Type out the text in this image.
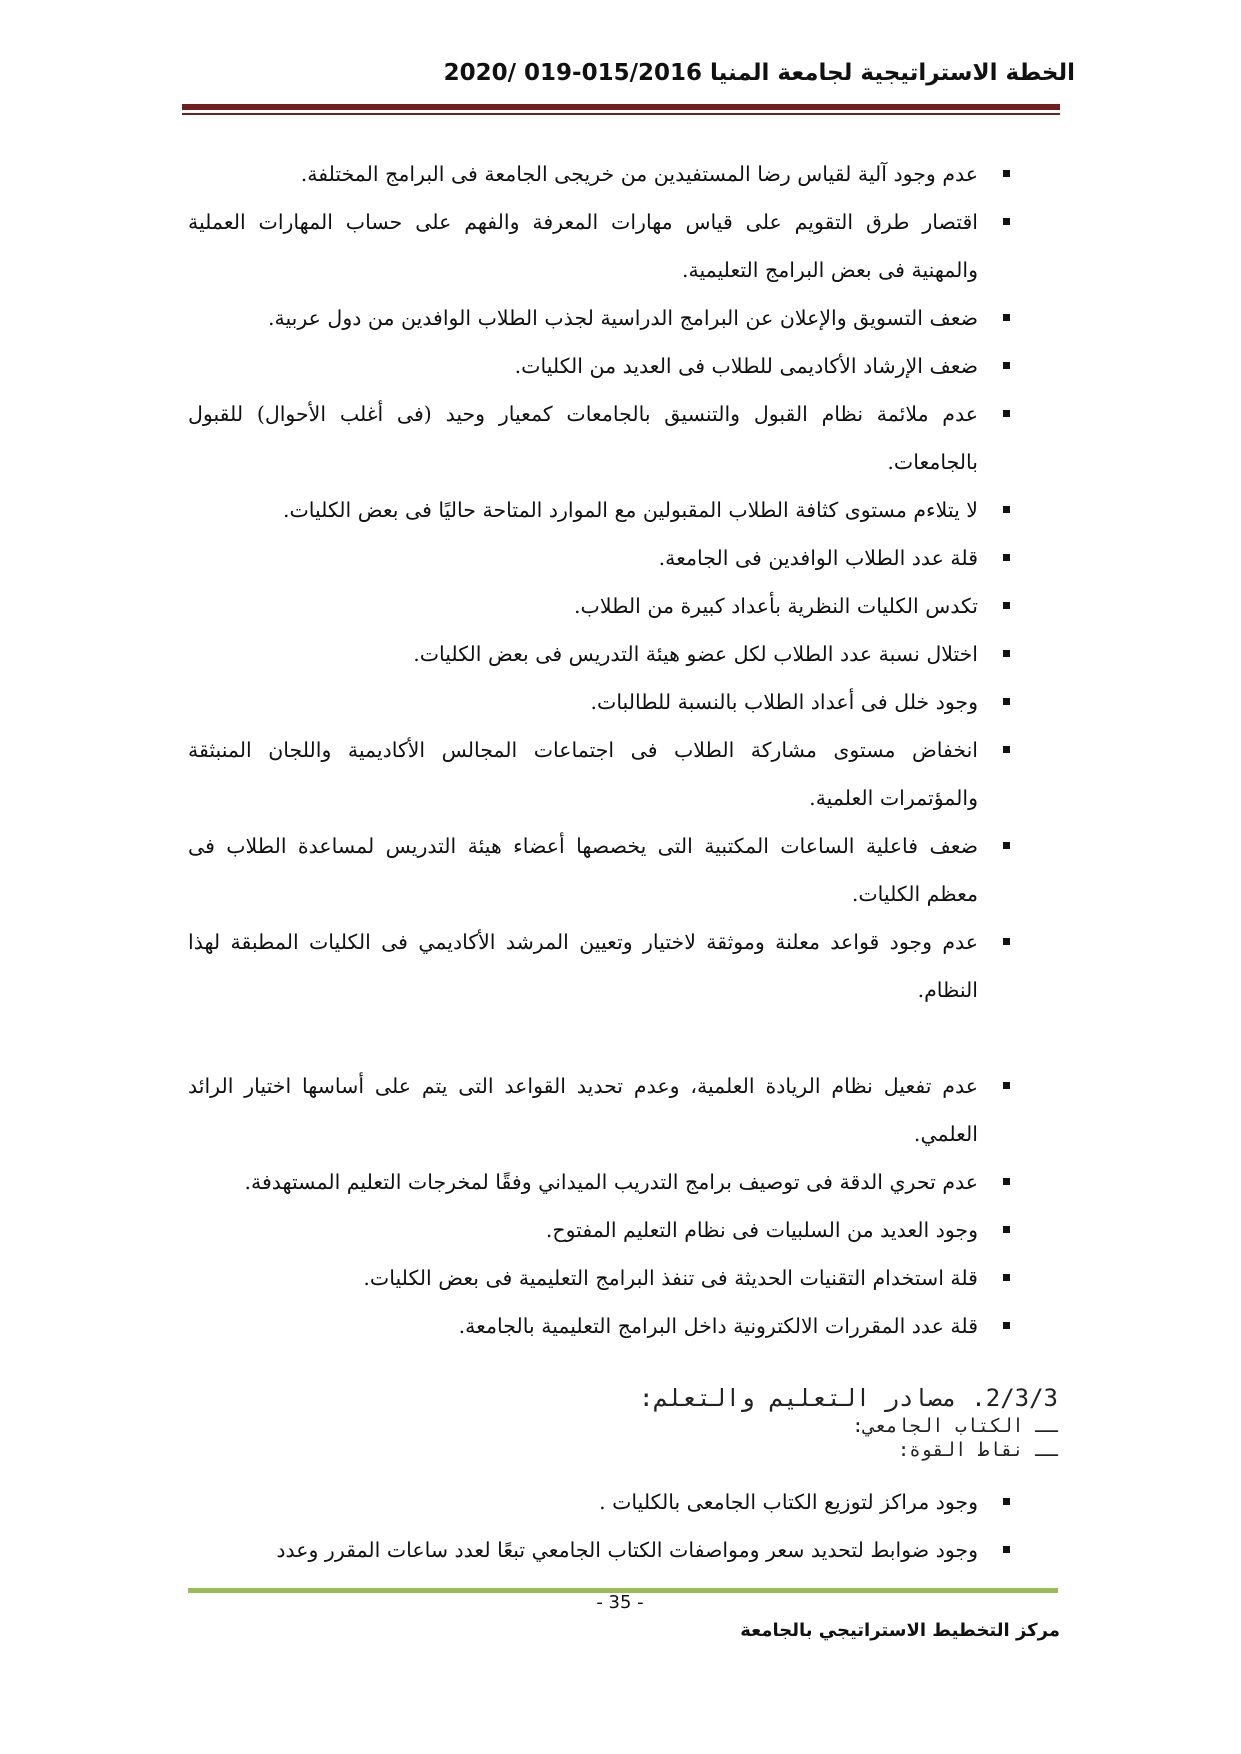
الخطة الاستراتيجية لجامعة المنيا 015/2016-019 /2020
عدم وجود آلية لقياس رضا المستفيدين من خريجى الجامعة فى البرامج المختلفة.
اقتصار طرق التقويم على قياس مهارات المعرفة والفهم على حساب المهارات العملية والمهنية فى بعض البرامج التعليمية.
ضعف التسويق والإعلان عن البرامج الدراسية لجذب الطلاب الوافدين من دول عربية.
ضعف الإرشاد الأكاديمى للطلاب فى العديد من الكليات.
عدم ملائمة نظام القبول والتنسيق بالجامعات كمعيار وحيد (فى أغلب الأحوال) للقبول بالجامعات.
لا يتلاءم مستوى كثافة الطلاب المقبولين مع الموارد المتاحة حاليًا فى بعض الكليات.
قلة عدد الطلاب الوافدين فى الجامعة.
تكدس الكليات النظرية بأعداد كبيرة من الطلاب.
اختلال نسبة عدد الطلاب لكل عضو هيئة التدريس فى بعض الكليات.
وجود خلل فى أعداد الطلاب بالنسبة للطالبات.
انخفاض مستوى مشاركة الطلاب فى اجتماعات المجالس الأكاديمية واللجان المنبثقة والمؤتمرات العلمية.
ضعف فاعلية الساعات المكتبية التى يخصصها أعضاء هيئة التدريس لمساعدة الطلاب فى معظم الكليات.
عدم وجود قواعد معلنة وموثقة لاختيار وتعيين المرشد الأكاديمي فى الكليات المطبقة لهذا النظام.
عدم تفعيل نظام الريادة العلمية، وعدم تحديد القواعد التى يتم على أساسها اختيار الرائد العلمي.
عدم تحري الدقة فى توصيف برامج التدريب الميداني وفقًا لمخرجات التعليم المستهدفة.
وجود العديد من السلبيات فى نظام التعليم المفتوح.
قلة استخدام التقنيات الحديثة فى تنفذ البرامج التعليمية فى بعض الكليات.
قلة عدد المقررات الالكترونية داخل البرامج التعليمية بالجامعة.
2/3/3. مصادر التعليم والتعلم:
ــ الكتاب الجامعي:
ــ نقاط القوة:
وجود مراكز لتوزيع الكتاب الجامعى بالكليات .
وجود ضوابط لتحديد سعر ومواصفات الكتاب الجامعي تبعًا لعدد ساعات المقرر وعدد
- 35 -
مركز التخطيط الاستراتيجي بالجامعة
